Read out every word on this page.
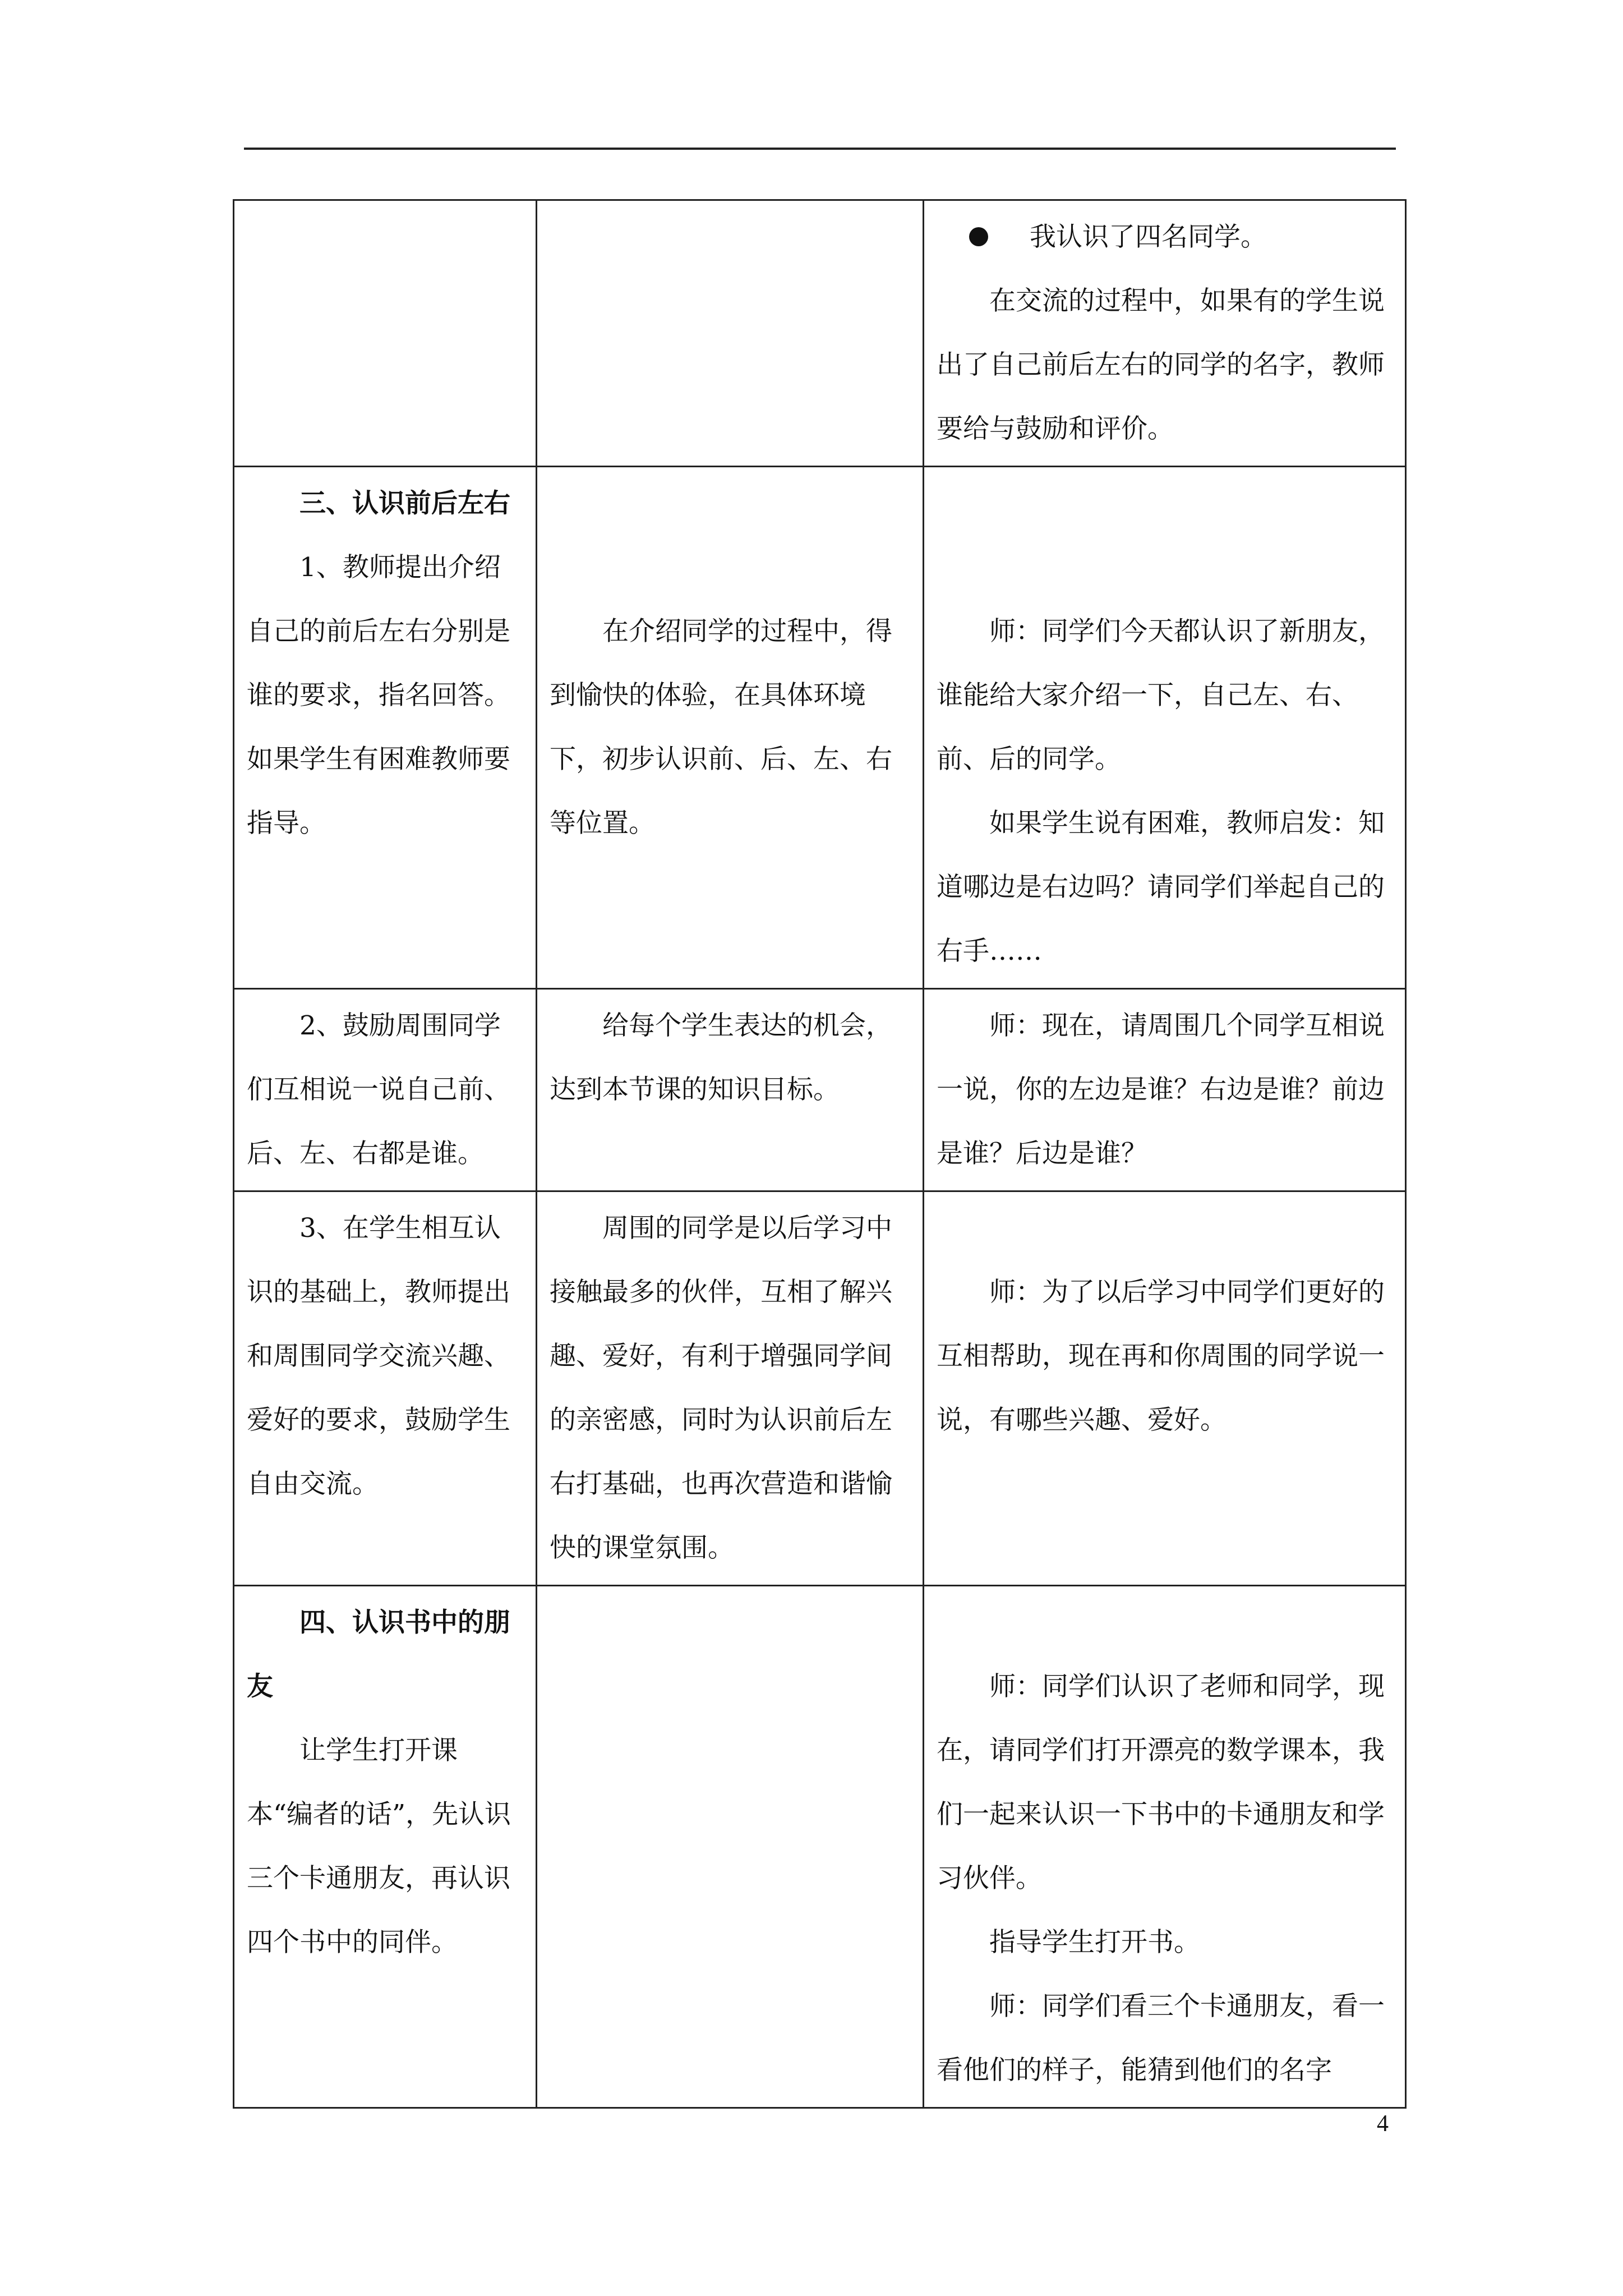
		我认识了四名同学。
在交流的过程中，如果有的学生说出了自己前后左右的同学的名字，教师要给与鼓励和评价。

三、认识前后左右
1、教师提出介绍自己的前后左右分别是谁的要求，指名回答。如果学生有困难教师要指导。	在介绍同学的过程中，得到愉快的体验，在具体环境下，初步认识前、后、左、右等位置。	师：同学们今天都认识了新朋友，谁能给大家介绍一下，自己左、右、前、后的同学。
如果学生说有困难，教师启发：知道哪边是右边吗？请同学们举起自己的右手……

2、鼓励周围同学们互相说一说自己前、后、左、右都是谁。	给每个学生表达的机会，达到本节课的知识目标。	师：现在，请周围几个同学互相说一说，你的左边是谁？右边是谁？前边是谁？后边是谁？

3、在学生相互认识的基础上，教师提出和周围同学交流兴趣、爱好的要求，鼓励学生自由交流。	周围的同学是以后学习中接触最多的伙伴，互相了解兴趣、爱好，有利于增强同学间的亲密感，同时为认识前后左右打基础，也再次营造和谐愉快的课堂氛围。	师：为了以后学习中同学们更好的互相帮助，现在再和你周围的同学说一说，有哪些兴趣、爱好。

四、认识书中的朋友
让学生打开课本“编者的话”，先认识三个卡通朋友，再认识四个书中的同伴。		师：同学们认识了老师和同学，现在，请同学们打开漂亮的数学课本，我们一起来认识一下书中的卡通朋友和学习伙伴。
指导学生打开书。
师：同学们看三个卡通朋友，看一看他们的样子，能猜到他们的名字
4
